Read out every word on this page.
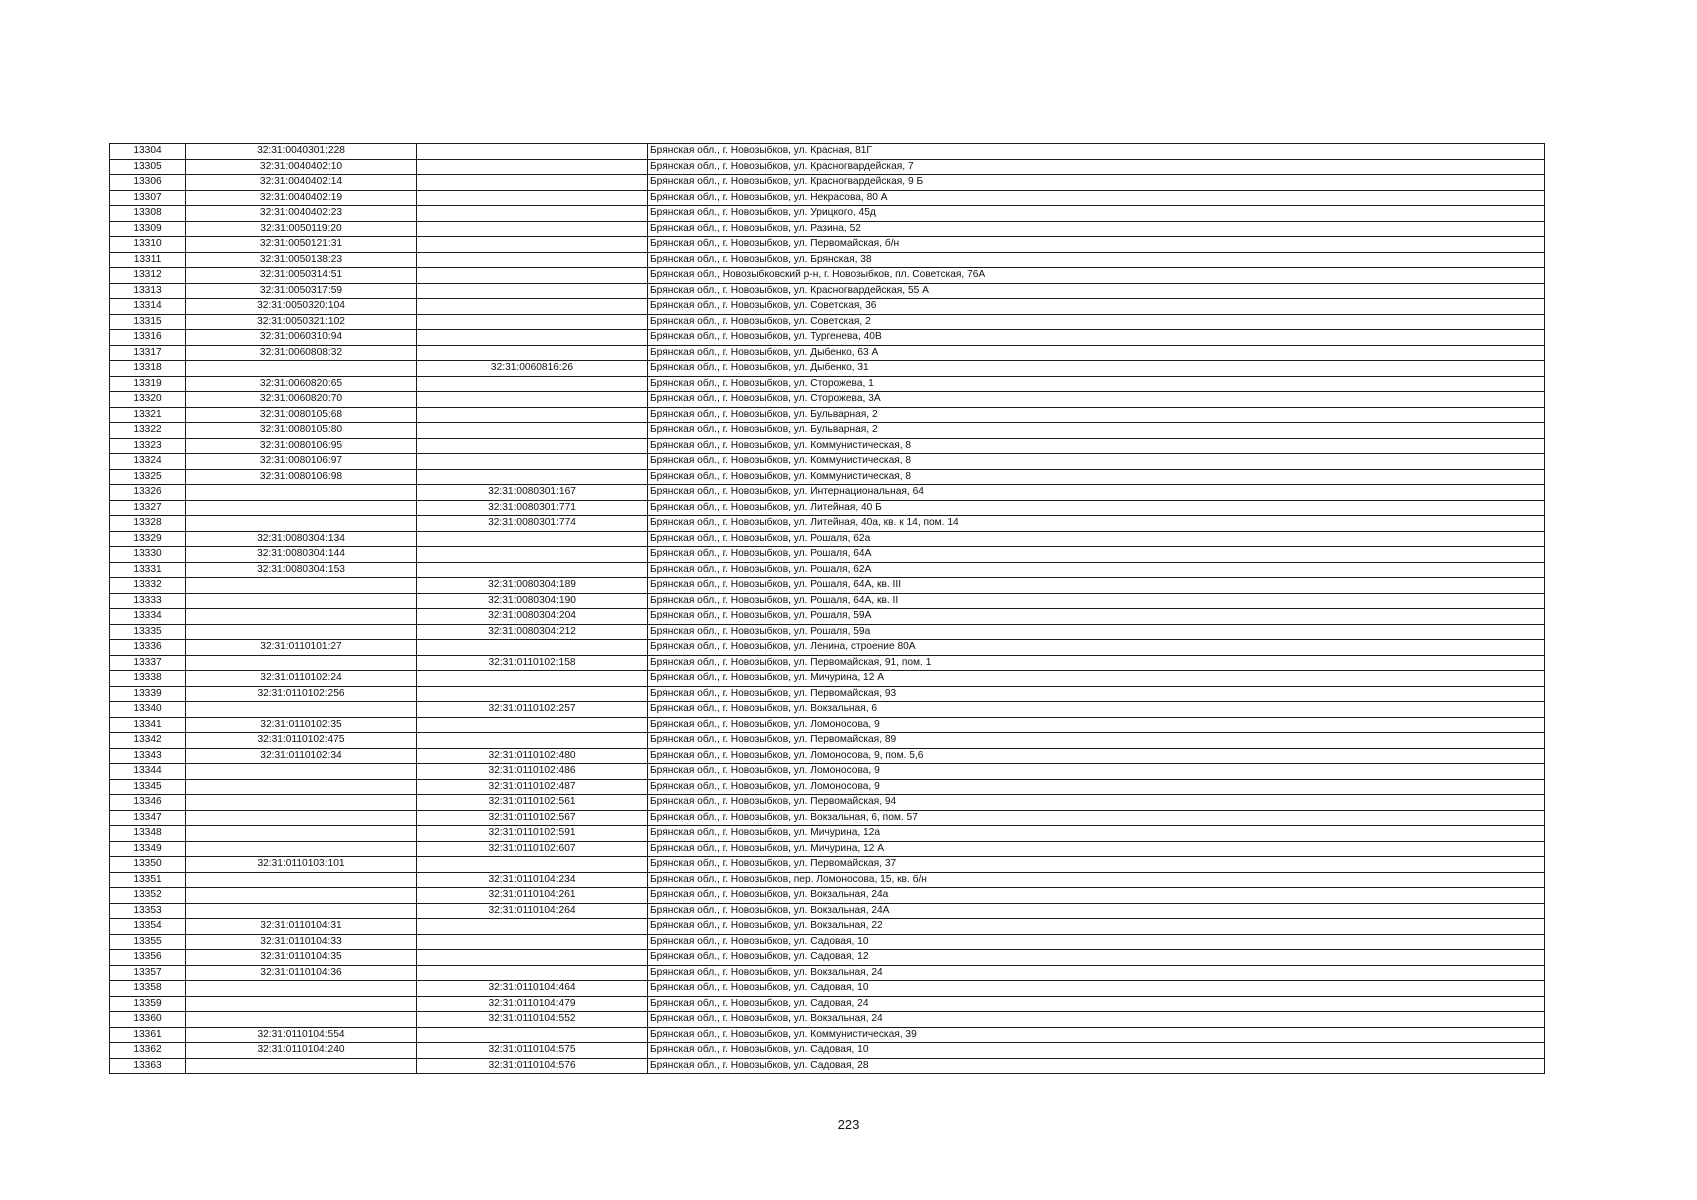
13304	32:31:0040301:228		Брянская обл., г. Новозыбков, ул. Красная, 81Г
13305	32:31:0040402:10		Брянская обл., г. Новозыбков, ул. Красногвардейская, 7
13306	32:31:0040402:14		Брянская обл., г. Новозыбков, ул. Красногвардейская, 9 Б
13307	32:31:0040402:19		Брянская обл., г. Новозыбков, ул. Некрасова, 80 А
13308	32:31:0040402:23		Брянская обл., г. Новозыбков, ул. Урицкого, 45д
13309	32:31:0050119:20		Брянская обл., г. Новозыбков, ул. Разина, 52
13310	32:31:0050121:31		Брянская обл., г. Новозыбков, ул. Первомайская, б/н
13311	32:31:0050138:23		Брянская обл., г. Новозыбков, ул. Брянская, 38
13312	32:31:0050314:51		Брянская обл., Новозыбковский р-н, г. Новозыбков, пл. Советская, 76А
13313	32:31:0050317:59		Брянская обл., г. Новозыбков, ул. Красногвардейская, 55 А
13314	32:31:0050320:104		Брянская обл., г. Новозыбков, ул. Советская, 36
13315	32:31:0050321:102		Брянская обл., г. Новозыбков, ул. Советская, 2
13316	32:31:0060310:94		Брянская обл., г. Новозыбков, ул. Тургенева, 40В
13317	32:31:0060808:32		Брянская обл., г. Новозыбков, ул. Дыбенко, 63 А
13318		32:31:0060816:26	Брянская обл., г. Новозыбков, ул. Дыбенко, 31
13319	32:31:0060820:65		Брянская обл., г. Новозыбков, ул. Сторожева, 1
13320	32:31:0060820:70		Брянская обл., г. Новозыбков, ул. Сторожева, 3А
13321	32:31:0080105:68		Брянская обл., г. Новозыбков, ул. Бульварная, 2
13322	32:31:0080105:80		Брянская обл., г. Новозыбков, ул. Бульварная, 2
13323	32:31:0080106:95		Брянская обл., г. Новозыбков, ул. Коммунистическая, 8
13324	32:31:0080106:97		Брянская обл., г. Новозыбков, ул. Коммунистическая, 8
13325	32:31:0080106:98		Брянская обл., г. Новозыбков, ул. Коммунистическая, 8
13326		32:31:0080301:167	Брянская обл., г. Новозыбков, ул. Интернациональная, 64
13327		32:31:0080301:771	Брянская обл., г. Новозыбков, ул. Литейная, 40 Б
13328		32:31:0080301:774	Брянская обл., г. Новозыбков, ул. Литейная, 40а, кв. к 14, пом. 14
13329	32:31:0080304:134		Брянская обл., г. Новозыбков, ул. Рошаля, 62а
13330	32:31:0080304:144		Брянская обл., г. Новозыбков, ул. Рошаля, 64А
13331	32:31:0080304:153		Брянская обл., г. Новозыбков, ул. Рошаля, 62А
13332		32:31:0080304:189	Брянская обл., г. Новозыбков, ул. Рошаля, 64А, кв. III
13333		32:31:0080304:190	Брянская обл., г. Новозыбков, ул. Рошаля, 64А, кв. II
13334		32:31:0080304:204	Брянская обл., г. Новозыбков, ул. Рошаля, 59А
13335		32:31:0080304:212	Брянская обл., г. Новозыбков, ул. Рошаля, 59а
13336	32:31:0110101:27		Брянская обл., г. Новозыбков, ул. Ленина, строение 80А
13337		32:31:0110102:158	Брянская обл., г. Новозыбков, ул. Первомайская, 91, пом. 1
13338	32:31:0110102:24		Брянская обл., г. Новозыбков, ул. Мичурина, 12 А
13339	32:31:0110102:256		Брянская обл., г. Новозыбков, ул. Первомайская, 93
13340		32:31:0110102:257	Брянская обл., г. Новозыбков, ул. Вокзальная, 6
13341	32:31:0110102:35		Брянская обл., г. Новозыбков, ул. Ломоносова, 9
13342	32:31:0110102:475		Брянская обл., г. Новозыбков, ул. Первомайская, 89
13343	32:31:0110102:34	32:31:0110102:480	Брянская обл., г. Новозыбков, ул. Ломоносова, 9, пом. 5,6
13344		32:31:0110102:486	Брянская обл., г. Новозыбков, ул. Ломоносова, 9
13345		32:31:0110102:487	Брянская обл., г. Новозыбков, ул. Ломоносова, 9
13346		32:31:0110102:561	Брянская обл., г. Новозыбков, ул. Первомайская, 94
13347		32:31:0110102:567	Брянская обл., г. Новозыбков, ул. Вокзальная, 6, пом. 57
13348		32:31:0110102:591	Брянская обл., г. Новозыбков, ул. Мичурина, 12а
13349		32:31:0110102:607	Брянская обл., г. Новозыбков, ул. Мичурина, 12 А
13350	32:31:0110103:101		Брянская обл., г. Новозыбков, ул. Первомайская, 37
13351		32:31:0110104:234	Брянская обл., г. Новозыбков, пер. Ломоносова, 15, кв. б/н
13352		32:31:0110104:261	Брянская обл., г. Новозыбков, ул. Вокзальная, 24а
13353		32:31:0110104:264	Брянская обл., г. Новозыбков, ул. Вокзальная, 24А
13354	32:31:0110104:31		Брянская обл., г. Новозыбков, ул. Вокзальная, 22
13355	32:31:0110104:33		Брянская обл., г. Новозыбков, ул. Садовая, 10
13356	32:31:0110104:35		Брянская обл., г. Новозыбков, ул. Садовая, 12
13357	32:31:0110104:36		Брянская обл., г. Новозыбков, ул. Вокзальная, 24
13358		32:31:0110104:464	Брянская обл., г. Новозыбков, ул. Садовая, 10
13359		32:31:0110104:479	Брянская обл., г. Новозыбков, ул. Садовая, 24
13360		32:31:0110104:552	Брянская обл., г. Новозыбков, ул. Вокзальная, 24
13361	32:31:0110104:554		Брянская обл., г. Новозыбков, ул. Коммунистическая, 39
13362	32:31:0110104:240	32:31:0110104:575	Брянская обл., г. Новозыбков, ул. Садовая, 10
13363		32:31:0110104:576	Брянская обл., г. Новозыбков, ул. Садовая, 28
223
